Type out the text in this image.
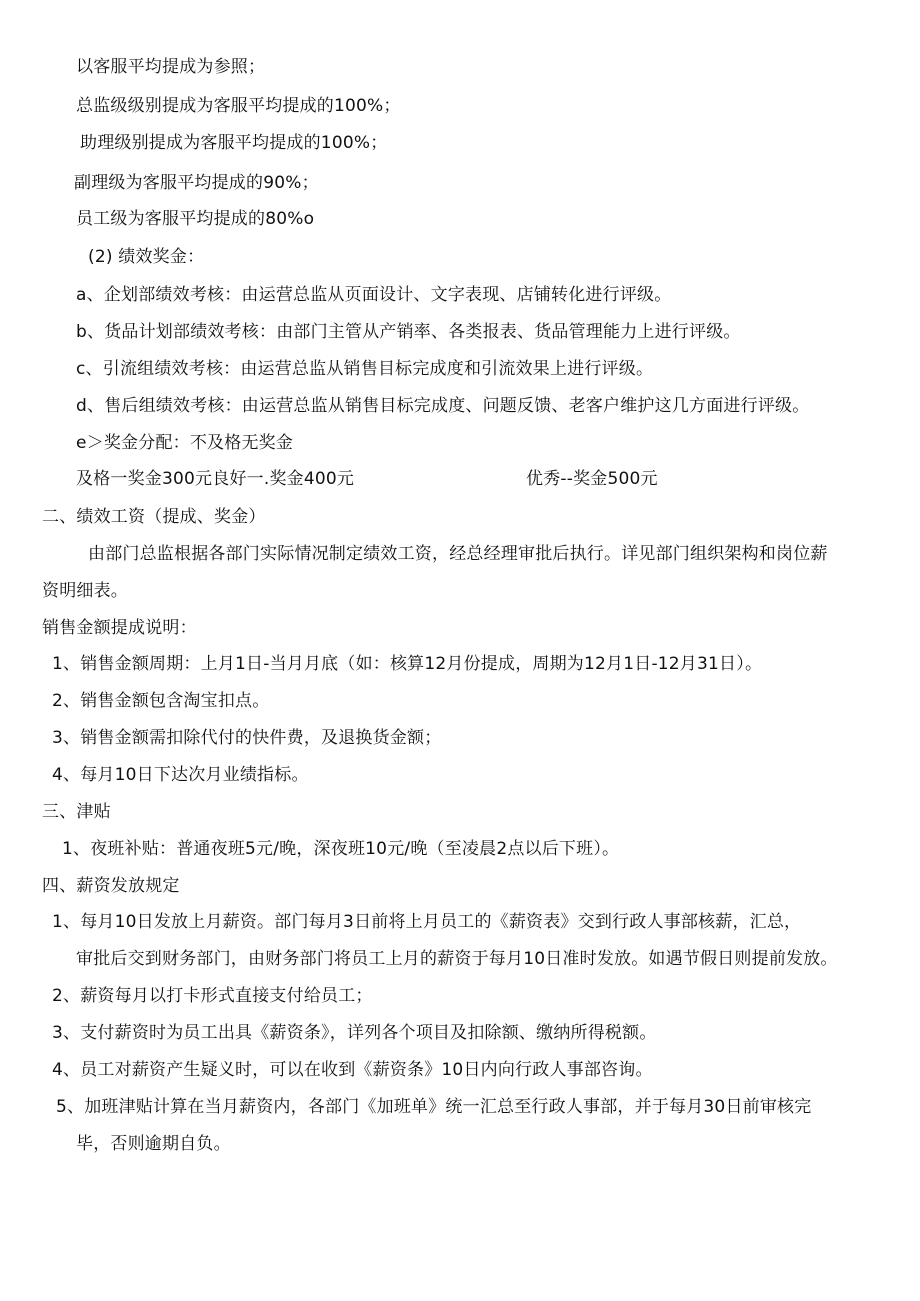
以客服平均提成为参照；
总监级级别提成为客服平均提成的100%；
助理级别提成为客服平均提成的100%；
副理级为客服平均提成的90%；
员工级为客服平均提成的80%o
(2) 绩效奖金：
a、企划部绩效考核：由运营总监从页面设计、文字表现、店铺转化进行评级。
b、货品计划部绩效考核：由部门主管从产销率、各类报表、货品管理能力上进行评级。
c、引流组绩效考核：由运营总监从销售目标完成度和引流效果上进行评级。
d、售后组绩效考核：由运营总监从销售目标完成度、问题反馈、老客户维护这几方面进行评级。
e＞奖金分配：不及格无奖金
及格一奖金300元良好一.奖金400元	优秀--奖金500元
二、绩效工资（提成、奖金）
由部门总监根据各部门实际情况制定绩效工资，经总经理审批后执行。详见部门组织架构和岗位薪
资明细表。
销售金额提成说明：
1、销售金额周期：上月1日-当月月底（如：核算12月份提成，周期为12月1日-12月31日）。
2、销售金额包含淘宝扣点。
3、销售金额需扣除代付的快件费，及退换货金额；
4、每月10日下达次月业绩指标。
三、津贴
1、夜班补贴：普通夜班5元/晚，深夜班10元/晚（至凌晨2点以后下班）。
四、薪资发放规定
1、每月10日发放上月薪资。部门每月3日前将上月员工的《薪资表》交到行政人事部核薪，汇总，
审批后交到财务部门，由财务部门将员工上月的薪资于每月10日准时发放。如遇节假日则提前发放。
2、薪资每月以打卡形式直接支付给员工；
3、支付薪资时为员工出具《薪资条》，详列各个项目及扣除额、缴纳所得税额。
4、员工对薪资产生疑义时，可以在收到《薪资条》10日内向行政人事部咨询。
5、加班津贴计算在当月薪资内，各部门《加班单》统一汇总至行政人事部，并于每月30日前审核完
毕，否则逾期自负。
